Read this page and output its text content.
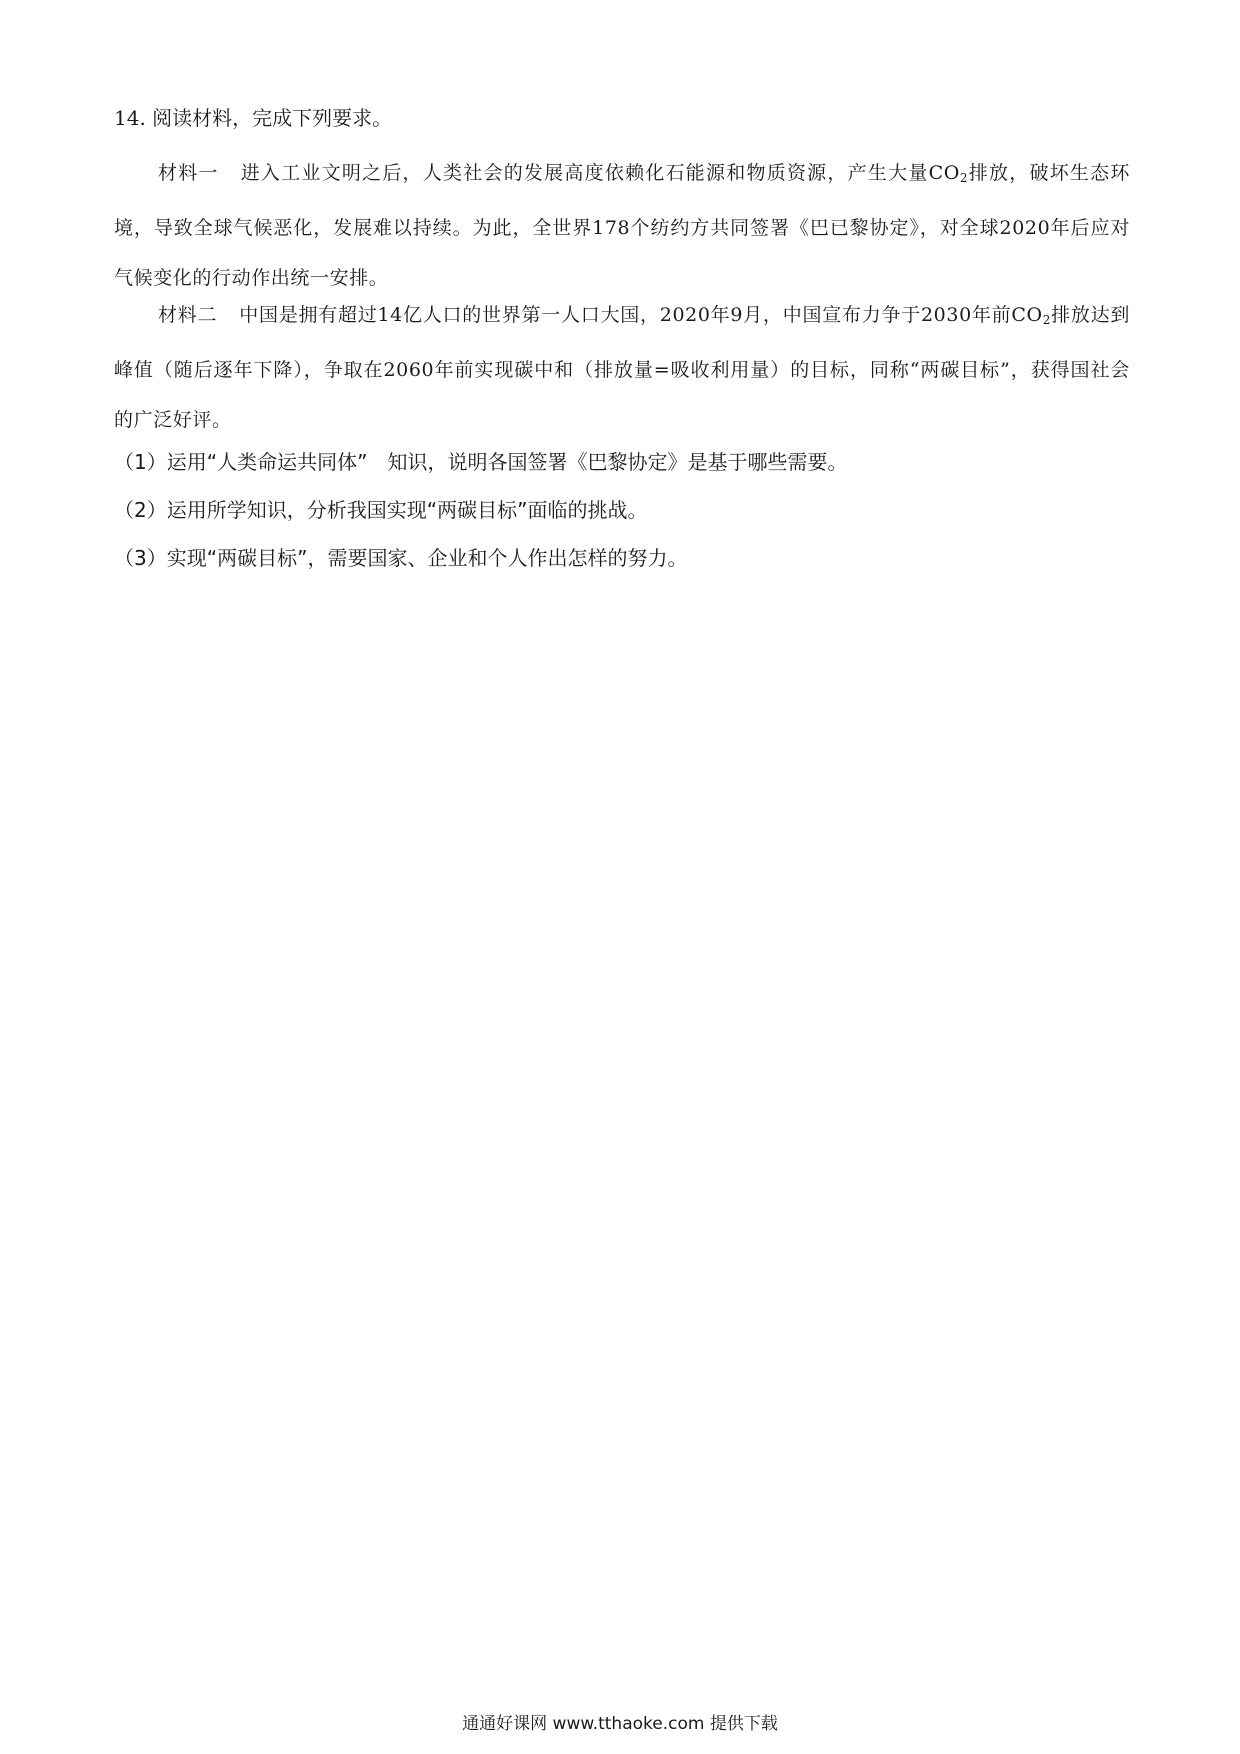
14. 阅读材料，完成下列要求。
材料一 进入工业文明之后，人类社会的发展高度依赖化石能源和物质资源，产生大量$CO_2$排放，破坏生态环境，导致全球气候恶化，发展难以持续。为此，全世界178个纺约方共同签署《巴已黎协定》，对全球2020年后应对气候变化的行动作出统一安排。
材料二 中国是拥有超过14亿人口的世界第一人口大国，2020年9月，中国宣布力争于2030年前$CO_2$排放达到峰值（随后逐年下降），争取在2060年前实现碳中和（排放量=吸收利用量）的目标，同称“两碳目标”，获得国社会的广泛好评。
（1）运用“人类命运共同体”　知识，说明各国签署《巴黎协定》是基于哪些需要。
（2）运用所学知识，分析我国实现“两碳目标”面临的挑战。
（3）实现“两碳目标”，需要国家、企业和个人作出怎样的努力。
通通好课网 www.tthaoke.com 提供下载
